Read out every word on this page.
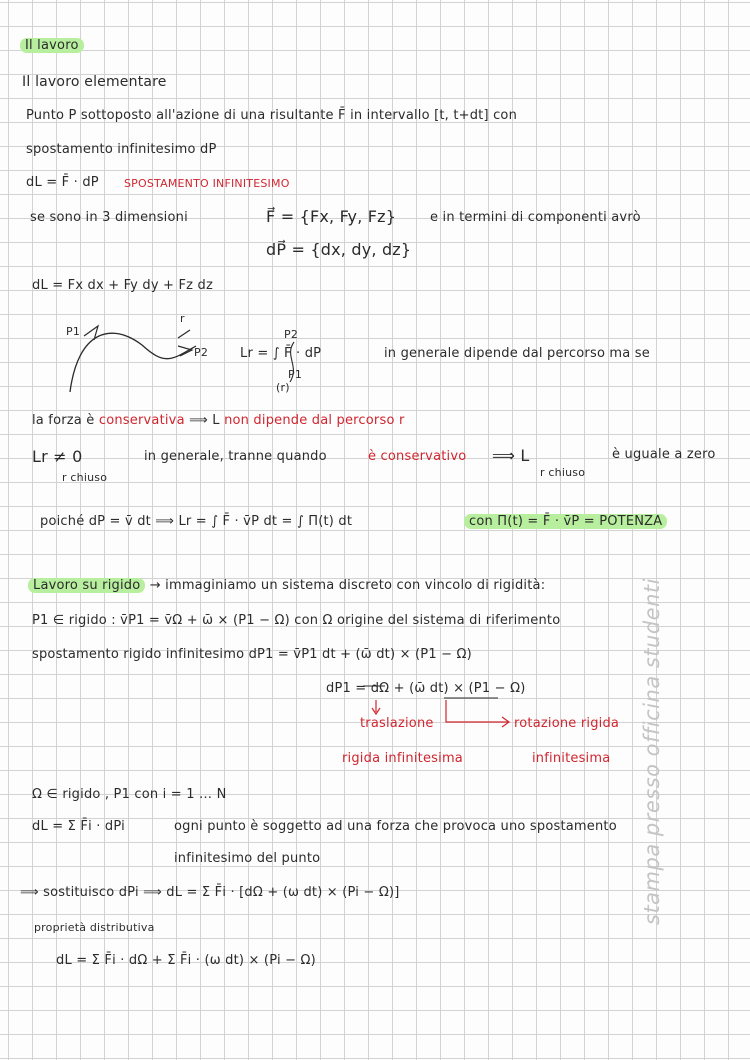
stampa presso officina studenti
Il lavoro
Il lavoro elementare
Punto P sottoposto all'azione di una risultante F̄ in intervallo [t, t+dt] con
spostamento infinitesimo dP
dL = F̄ · dP SPOSTAMENTO INFINITESIMO
se sono in 3 dimensioni	F⃗ = {Fx, Fy, Fz}	e in termini di componenti avrò
dP⃗ = {dx, dy, dz}
dL = Fx dx + Fy dy + Fz dz
P1
r
P2 Lr = ∫ F̄ · dP
P2
P1
(r)
in generale dipende dal percorso ma se
la forza è conservativa ⟹ L non dipende dal percorso r
Lr ≠ 0
r chiuso
in generale, tranne quando	è conservativo ⟹ L
r chiuso
è uguale a zero
poiché dP = v̄ dt ⟹ Lr = ∫ F̄ · v̄P dt = ∫ Π(t) dt	con Π(t) = F̄ · v̄P = POTENZA
Lavoro su rigido → immaginiamo un sistema discreto con vincolo di rigidità:
P1 ∈ rigido : v̄P1 = v̄Ω + ω̄ × (P1 − Ω) con Ω origine del sistema di riferimento
spostamento rigido infinitesimo dP1 = v̄P1 dt + (ω̄ dt) × (P1 − Ω)
dP1 = dΩ + (ω̄ dt) × (P1 − Ω)
traslazione	rotazione rigida
rigida infinitesima	infinitesima
Ω ∈ rigido , P1 con i = 1 … N
dL = Σ F̄i · dPi	ogni punto è soggetto ad una forza che provoca uno spostamento
infinitesimo del punto
⟹ sostituisco dPi ⟹ dL = Σ F̄i · [dΩ + (ω dt) × (Pi − Ω)]
proprietà distributiva
dL = Σ F̄i · dΩ + Σ F̄i · (ω dt) × (Pi − Ω)
